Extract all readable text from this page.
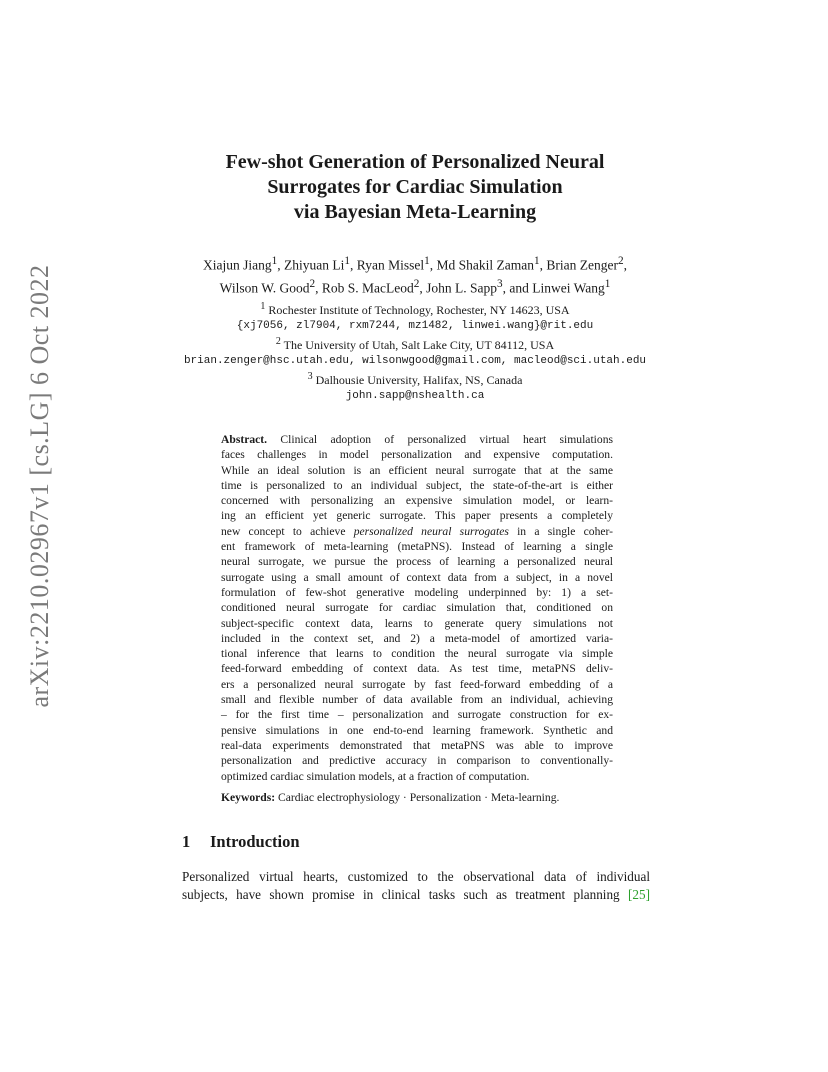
arXiv:2210.02967v1 [cs.LG] 6 Oct 2022
Few-shot Generation of Personalized Neural
Surrogates for Cardiac Simulation
via Bayesian Meta-Learning
Xiajun Jiang$^1$, Zhiyuan Li$^1$, Ryan Missel$^1$, Md Shakil Zaman$^1$, Brian Zenger$^2$,
Wilson W. Good$^2$, Rob S. MacLeod$^2$, John L. Sapp$^3$, and Linwei Wang$^1$
$^1$ Rochester Institute of Technology, Rochester, NY 14623, USA
{xj7056, zl7904, rxm7244, mz1482, linwei.wang}@rit.edu
$^2$ The University of Utah, Salt Lake City, UT 84112, USA
brian.zenger@hsc.utah.edu, wilsonwgood@gmail.com, macleod@sci.utah.edu
$^3$ Dalhousie University, Halifax, NS, Canada
john.sapp@nshealth.ca
Abstract. Clinical adoption of personalized virtual heart simulations
faces challenges in model personalization and expensive computation.
While an ideal solution is an efficient neural surrogate that at the same
time is personalized to an individual subject, the state-of-the-art is either
concerned with personalizing an expensive simulation model, or learn-
ing an efficient yet generic surrogate. This paper presents a completely
new concept to achieve personalized neural surrogates in a single coher-
ent framework of meta-learning (metaPNS). Instead of learning a single
neural surrogate, we pursue the process of learning a personalized neural
surrogate using a small amount of context data from a subject, in a novel
formulation of few-shot generative modeling underpinned by: 1) a set-
conditioned neural surrogate for cardiac simulation that, conditioned on
subject-specific context data, learns to generate query simulations not
included in the context set, and 2) a meta-model of amortized varia-
tional inference that learns to condition the neural surrogate via simple
feed-forward embedding of context data. As test time, metaPNS deliv-
ers a personalized neural surrogate by fast feed-forward embedding of a
small and flexible number of data available from an individual, achieving
– for the first time – personalization and surrogate construction for ex-
pensive simulations in one end-to-end learning framework. Synthetic and
real-data experiments demonstrated that metaPNS was able to improve
personalization and predictive accuracy in comparison to conventionally-
optimized cardiac simulation models, at a fraction of computation.
Keywords: Cardiac electrophysiology · Personalization · Meta-learning.
1 Introduction
Personalized virtual hearts, customized to the observational data of individual
subjects, have shown promise in clinical tasks such as treatment planning [25]
